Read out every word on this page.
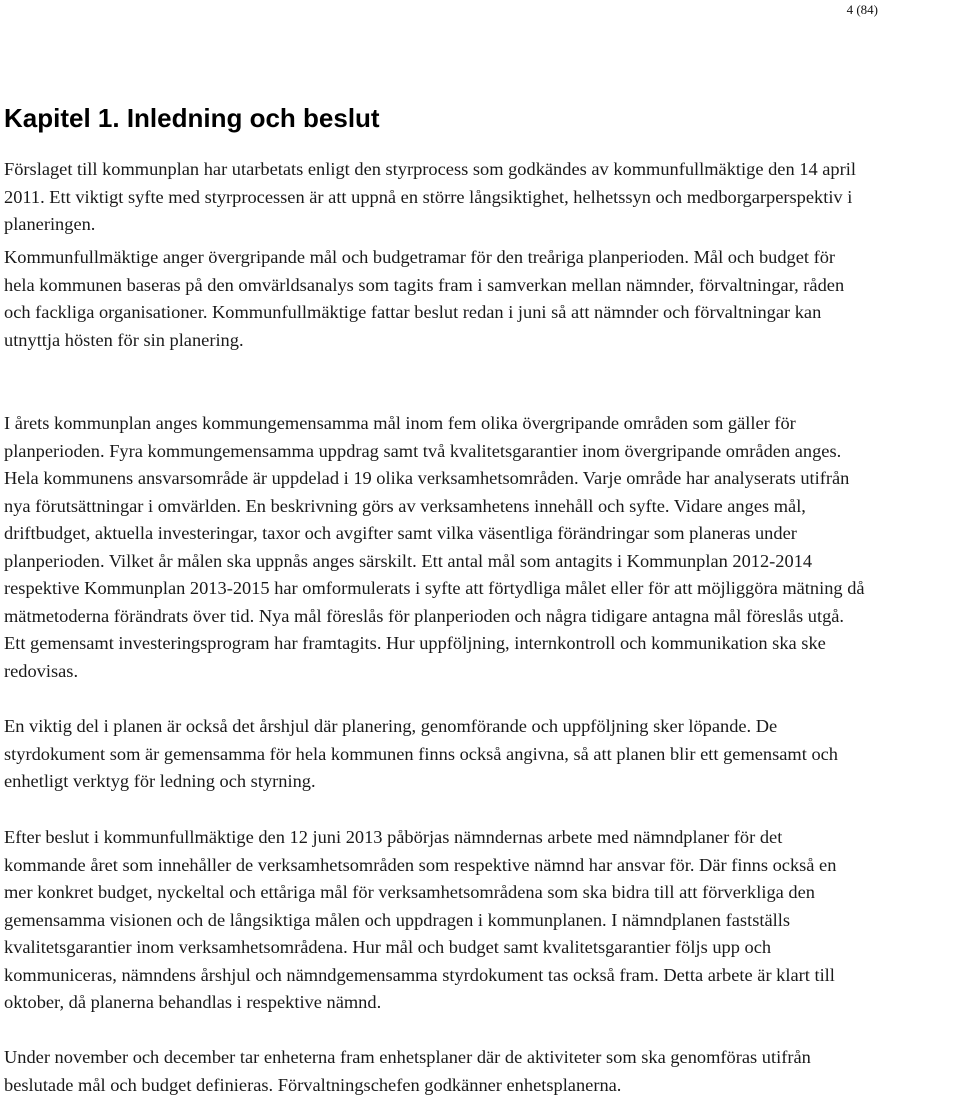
4 (84)
Kapitel 1. Inledning och beslut

Förslaget till kommunplan har utarbetats enligt den styrprocess som godkändes av kommunfullmäktige den 14 april
2011. Ett viktigt syfte med styrprocessen är att uppnå en större långsiktighet, helhetssyn och medborgarperspektiv i
planeringen.

Kommunfullmäktige anger övergripande mål och budgetramar för den treåriga planperioden. Mål och budget för
hela kommunen baseras på den omvärldsanalys som tagits fram i samverkan mellan nämnder, förvaltningar, råden
och fackliga organisationer. Kommunfullmäktige fattar beslut redan i juni så att nämnder och förvaltningar kan
utnyttja hösten för sin planering.

I årets kommunplan anges kommungemensamma mål inom fem olika övergripande områden som gäller för
planperioden. Fyra kommungemensamma uppdrag samt två kvalitetsgarantier inom övergripande områden anges.
Hela kommunens ansvarsområde är uppdelad i 19 olika verksamhetsområden. Varje område har analyserats utifrån
nya förutsättningar i omvärlden. En beskrivning görs av verksamhetens innehåll och syfte. Vidare anges mål,
driftbudget, aktuella investeringar, taxor och avgifter samt vilka väsentliga förändringar som planeras under
planperioden. Vilket år målen ska uppnås anges särskilt. Ett antal mål som antagits i Kommunplan 2012-2014
respektive Kommunplan 2013-2015 har omformulerats i syfte att förtydliga målet eller för att möjliggöra mätning då
mätmetoderna förändrats över tid. Nya mål föreslås för planperioden och några tidigare antagna mål föreslås utgå.
Ett gemensamt investeringsprogram har framtagits. Hur uppföljning, internkontroll och kommunikation ska ske
redovisas.

En viktig del i planen är också det årshjul där planering, genomförande och uppföljning sker löpande. De
styrdokument som är gemensamma för hela kommunen finns också angivna, så att planen blir ett gemensamt och
enhetligt verktyg för ledning och styrning.

Efter beslut i kommunfullmäktige den 12 juni 2013 påbörjas nämndernas arbete med nämndplaner för det
kommande året som innehåller de verksamhetsområden som respektive nämnd har ansvar för. Där finns också en
mer konkret budget, nyckeltal och ettåriga mål för verksamhetsområdena som ska bidra till att förverkliga den
gemensamma visionen och de långsiktiga målen och uppdragen i kommunplanen. I nämndplanen fastställs
kvalitetsgarantier inom verksamhetsområdena. Hur mål och budget samt kvalitetsgarantier följs upp och
kommuniceras, nämndens årshjul och nämndgemensamma styrdokument tas också fram. Detta arbete är klart till
oktober, då planerna behandlas i respektive nämnd.

Under november och december tar enheterna fram enhetsplaner där de aktiviteter som ska genomföras utifrån
beslutade mål och budget definieras. Förvaltningschefen godkänner enhetsplanerna.
